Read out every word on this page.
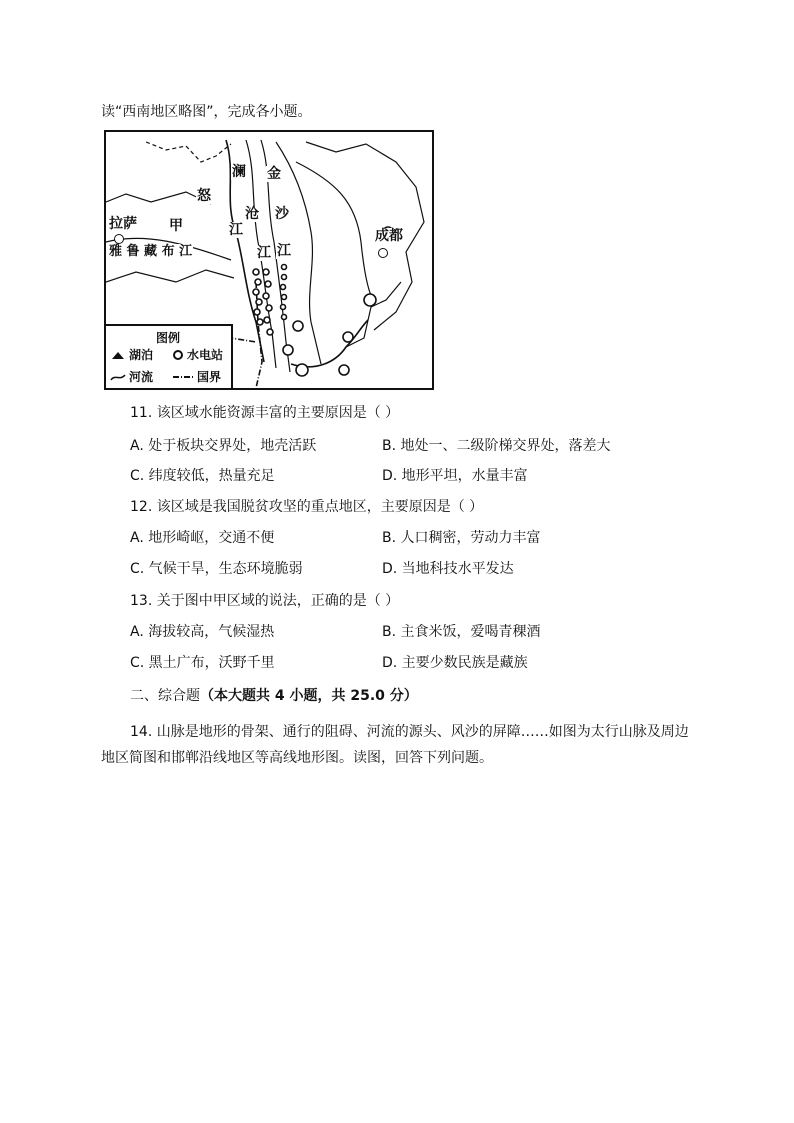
读“西南地区略图”，完成各小题。
澜 金
怒
拉萨 甲
沧 沙
江	成都
江 江
雅 鲁 藏 布 江
图例
湖泊	水电站
河流	国界
11. 该区域水能资源丰富的主要原因是（ ）
A. 处于板块交界处，地壳活跃	B. 地处一、二级阶梯交界处，落差大
C. 纬度较低，热量充足	D. 地形平坦，水量丰富
12. 该区域是我国脱贫攻坚的重点地区，主要原因是（ ）
A. 地形崎岖，交通不便	B. 人口稠密，劳动力丰富
C. 气候干旱，生态环境脆弱	D. 当地科技水平发达
13. 关于图中甲区域的说法，正确的是（ ）
A. 海拔较高，气候湿热	B. 主食米饭，爱喝青稞酒
C. 黑土广布，沃野千里	D. 主要少数民族是藏族
二、综合题（本大题共 4 小题，共 25.0 分）
14. 山脉是地形的骨架、通行的阻碍、河流的源头、风沙的屏障……如图为太行山脉及周边
地区简图和邯郸沿线地区等高线地形图。读图，回答下列问题。
